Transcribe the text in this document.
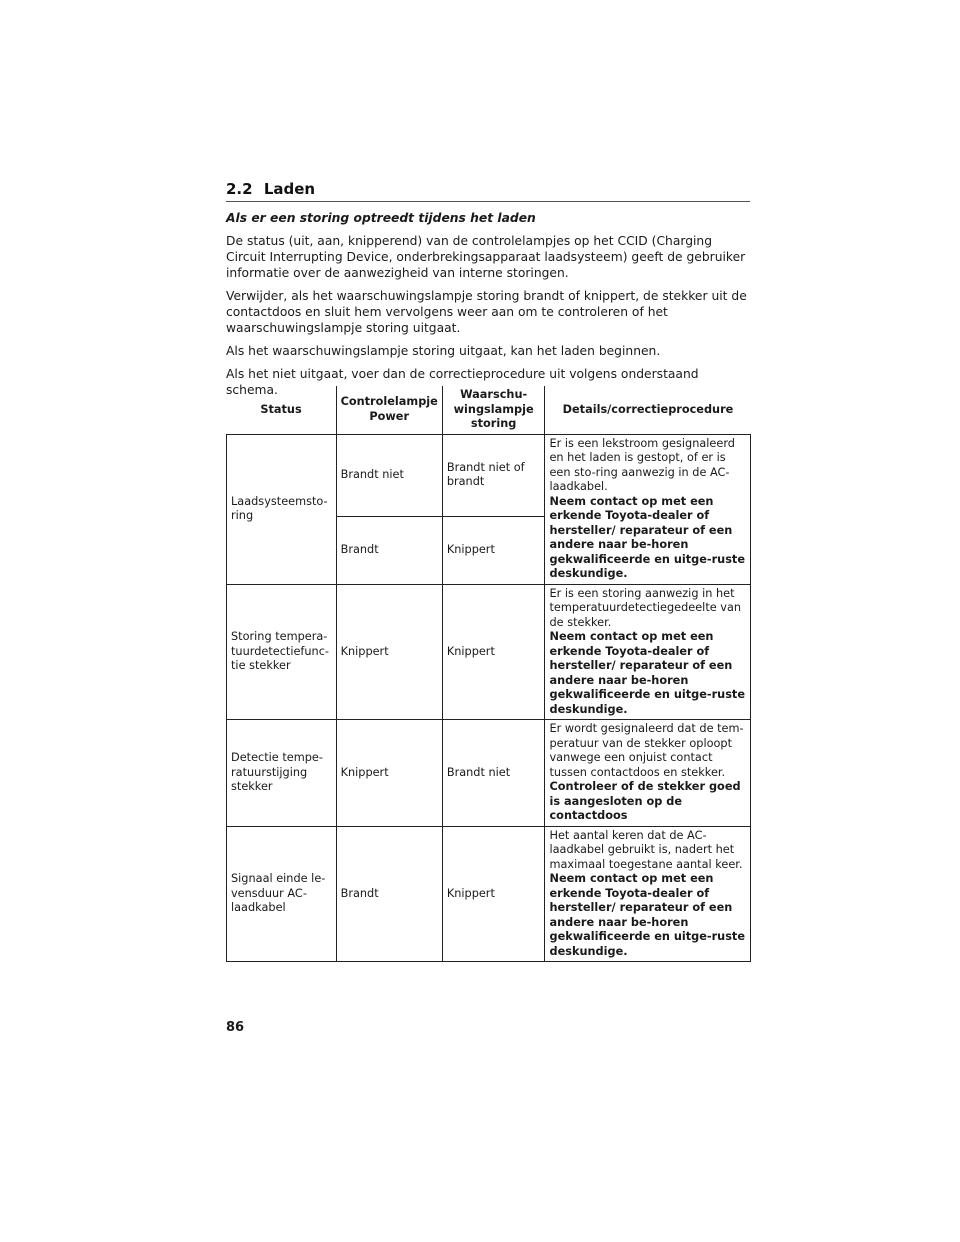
2.2 Laden
Als er een storing optreedt tijdens het laden

De status (uit, aan, knipperend) van de controlelampjes op het CCID (Charging Circuit Interrupting Device, onderbrekingsapparaat laadsysteem) geeft de gebruiker informatie over de aanwezigheid van interne storingen.

Verwijder, als het waarschuwingslampje storing brandt of knippert, de stekker uit de contactdoos en sluit hem vervolgens weer aan om te controleren of het waarschuwingslampje storing uitgaat.

Als het waarschuwingslampje storing uitgaat, kan het laden beginnen.

Als het niet uitgaat, voer dan de correctieprocedure uit volgens onderstaand schema.

Status	Controlelampje Power	Waarschu-wingslampje storing	Details/correctieprocedure
Laadsysteemsto-ring	Brandt niet	Brandt niet of brandt	Er is een lekstroom gesignaleerd en het laden is gestopt, of er is een sto-ring aanwezig in de AC-laadkabel.
Neem contact op met een erkende Toyota-dealer of hersteller/ reparateur of een andere naar be-horen gekwalificeerde en uitge-ruste deskundige.

	Brandt	Knippert	
Storing tempera-tuurdetectiefunc-tie stekker	Knippert	Knippert	Er is een storing aanwezig in het temperatuurdetectiegedeelte van de stekker.
Neem contact op met een erkende Toyota-dealer of hersteller/ reparateur of een andere naar be-horen gekwalificeerde en uitge-ruste deskundige.

Detectie tempe-ratuurstijging stekker	Knippert	Brandt niet	Er wordt gesignaleerd dat de tem-peratuur van de stekker oploopt vanwege een onjuist contact tussen contactdoos en stekker.
Controleer of de stekker goed is aangesloten op de contactdoos

Signaal einde le-vensduur AC-laadkabel	Brandt	Knippert	Het aantal keren dat de AC-laadkabel gebruikt is, nadert het maximaal toegestane aantal keer.
Neem contact op met een erkende Toyota-dealer of hersteller/ reparateur of een andere naar be-horen gekwalificeerde en uitge-ruste deskundige.
86
